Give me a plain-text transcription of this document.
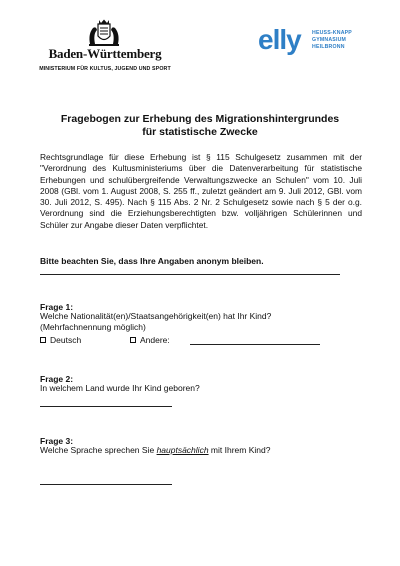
Baden-Württemberg
MINISTERIUM FÜR KULTUS, JUGEND UND SPORT
elly HEUSS-KNAPP
GYMNASIUM
HEILBRONN
Fragebogen zur Erhebung des Migrationshintergrundes
für statistische Zwecke
Rechtsgrundlage für diese Erhebung ist § 115 Schulgesetz zusammen mit der "Verordnung des Kultusministeriums über die Datenverarbeitung für statistische Erhebungen und schulübergreifende Verwaltungszwecke an Schulen" vom 10. Juli 2008 (GBl. vom 1. August 2008, S. 255 ff., zuletzt geändert am 9. Juli 2012, GBl. vom 30. Juli 2012, S. 495). Nach § 115 Abs. 2 Nr. 2 Schulgesetz sowie nach § 5 der o.g. Verordnung sind die Erziehungsberechtigten bzw. volljährigen Schülerinnen und Schüler zur Angabe dieser Daten verpflichtet.
Bitte beachten Sie, dass Ihre Angaben anonym bleiben.
Frage 1:
Welche Nationalität(en)/Staatsangehörigkeit(en) hat Ihr Kind?
(Mehrfachnennung möglich)
Deutsch	Andere:
Frage 2:
In welchem Land wurde Ihr Kind geboren?
Frage 3:
Welche Sprache sprechen Sie hauptsächlich mit Ihrem Kind?
